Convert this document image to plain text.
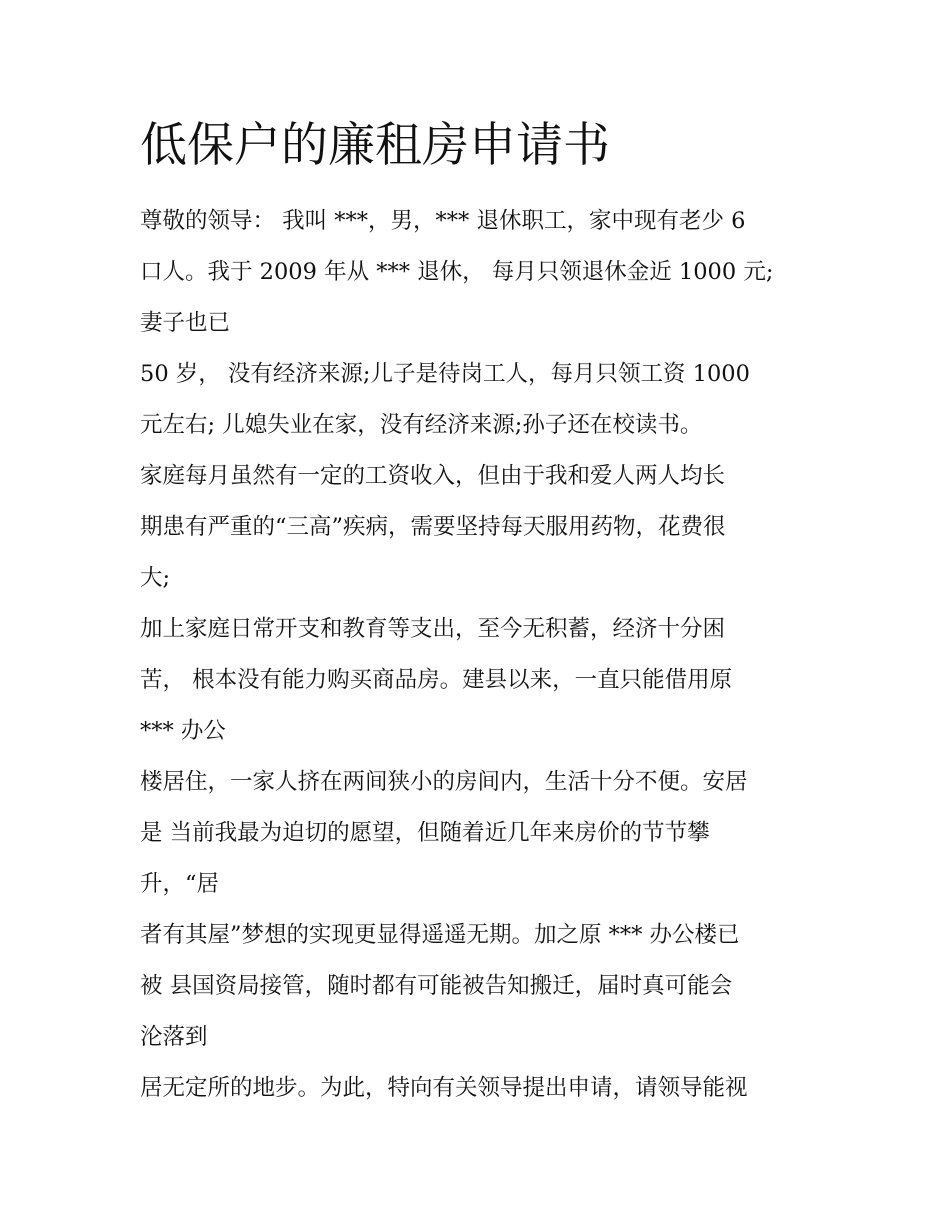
低保户的廉租房申请书
尊敬的领导： 我叫 ***，男，*** 退休职工，家中现有老少 6
口人。我于 2009 年从 *** 退休， 每月只领退休金近 1000 元;
妻子也已
50 岁， 没有经济来源;儿子是待岗工人，每月只领工资 1000
元左右; 儿媳失业在家，没有经济来源;孙子还在校读书。
家庭每月虽然有一定的工资收入，但由于我和爱人两人均长
期患有严重的“三高”疾病，需要坚持每天服用药物，花费很
大;
加上家庭日常开支和教育等支出，至今无积蓄，经济十分困
苦， 根本没有能力购买商品房。建县以来，一直只能借用原
*** 办公
楼居住，一家人挤在两间狭小的房间内，生活十分不便。安居
是 当前我最为迫切的愿望，但随着近几年来房价的节节攀
升，“居
者有其屋”梦想的实现更显得遥遥无期。加之原 *** 办公楼已
被 县国资局接管，随时都有可能被告知搬迁，届时真可能会
沦落到
居无定所的地步。为此，特向有关领导提出申请，请领导能视
